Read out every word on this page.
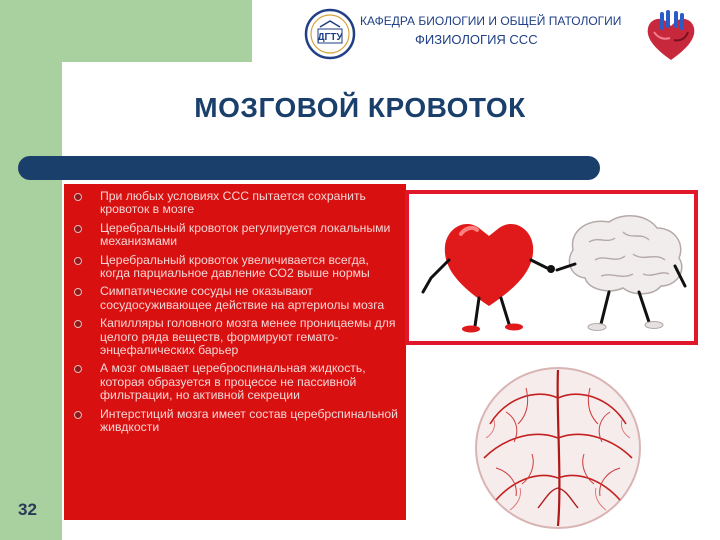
ДГТУ
КАФЕДРА БИОЛОГИИ И ОБЩЕЙ ПАТОЛОГИИ
ФИЗИОЛОГИЯ ССС
МОЗГОВОЙ КРОВОТОК
При любых условиях ССС пытается сохранить кровоток в мозге
Церебральный кровоток регулируется локальными механизмами
Церебральный кровоток увеличивается всегда, когда парциальное давление СО2 выше нормы
Симпатические сосуды не оказывают сосудосуживающее действие на артериолы мозга
Капилляры головного мозга менее проницаемы для целого ряда веществ, формируют гемато-энцефалических барьер
А мозг омывает цереброспинальная жидкость, которая образуется в процессе не пассивной фильтрации, но активной секреции
Интерстиций мозга имеет состав церебрспинальной живдкости
32
